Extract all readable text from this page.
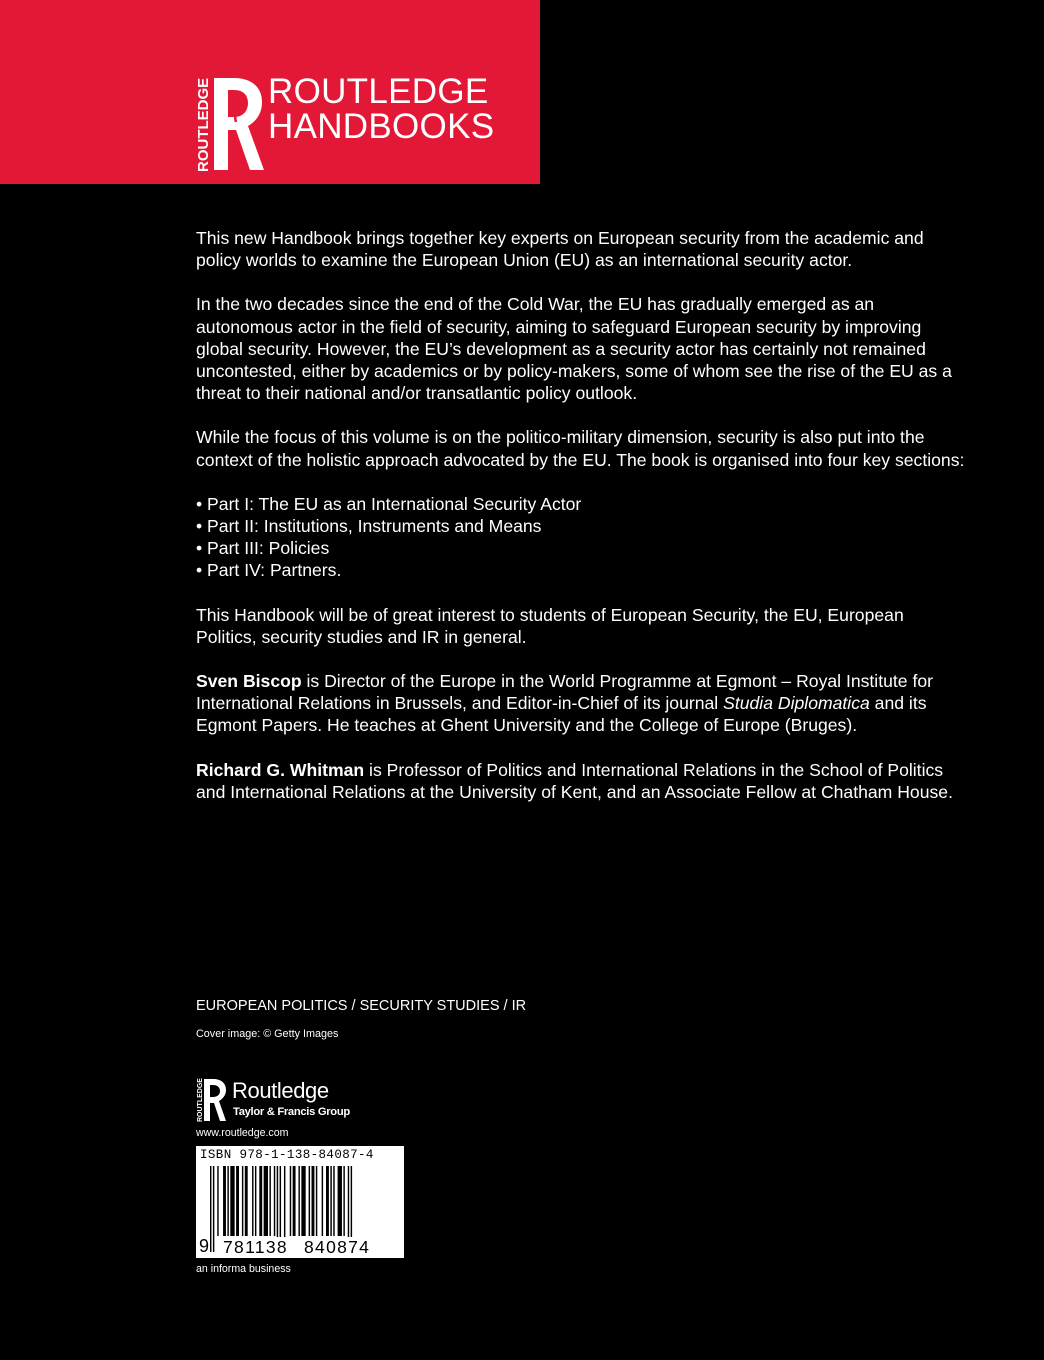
ROUTLEDGE ROUTLEDGE
HANDBOOKS

This new Handbook brings together key experts on European security from the academic and policy worlds to examine the European Union (EU) as an international security actor.

In the two decades since the end of the Cold War, the EU has gradually emerged as an autonomous actor in the field of security, aiming to safeguard European security by improving global security. However, the EU’s development as a security actor has certainly not remained uncontested, either by academics or by policy-makers, some of whom see the rise of the EU as a threat to their national and/or transatlantic policy outlook.

While the focus of this volume is on the politico-military dimension, security is also put into the context of the holistic approach advocated by the EU. The book is organised into four key sections:

• Part I: The EU as an International Security Actor
• Part II: Institutions, Instruments and Means
• Part III: Policies
• Part IV: Partners.

This Handbook will be of great interest to students of European Security, the EU, European Politics, security studies and IR in general.

Sven Biscop is Director of the Europe in the World Programme at Egmont – Royal Institute for International Relations in Brussels, and Editor-in-Chief of its journal Studia Diplomatica and its Egmont Papers. He teaches at Ghent University and the College of Europe (Bruges).

Richard G. Whitman is Professor of Politics and International Relations in the School of Politics and International Relations at the University of Kent, and an Associate Fellow at Chatham House.

EUROPEAN POLITICS / SECURITY STUDIES / IR
Cover image: © Getty Images
ROUTLEDGE Routledge
Taylor & Francis Group
www.routledge.com
ISBN 978-1-138-84087-4
9 781138 840874
an informa business
